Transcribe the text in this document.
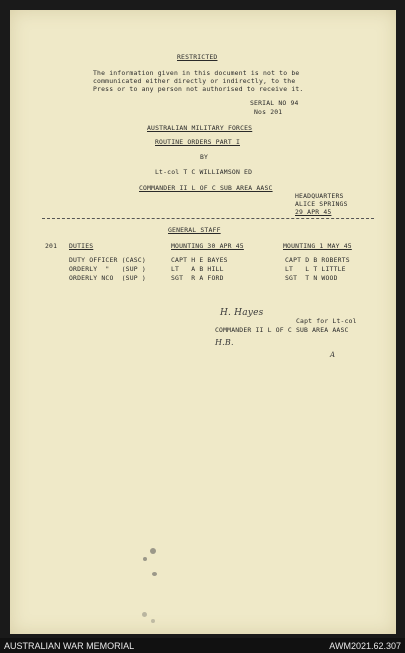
RESTRICTED
The information given in this document is not to be
communicated either directly or indirectly, to the
Press or to any person not authorised to receive it.
SERIAL NO 94
Nos 201
AUSTRALIAN MILITARY FORCES
ROUTINE ORDERS PART I
BY
Lt-col T C WILLIAMSON ED
COMMANDER II L OF C SUB AREA AASC
HEADQUARTERS
ALICE SPRINGS
29 APR 45
GENERAL STAFF
201 DUTIES	MOUNTING 30 APR 45	MOUNTING 1 MAY 45
DUTY OFFICER (CASC)	CAPT H E BAYES	CAPT D B ROBERTS
ORDERLY  "   (SUP )	LT   A B HILL	LT   L T LITTLE
ORDERLY NCO  (SUP )	SGT  R A FORD	SGT  T N WOOD
H. Hayes
Capt for Lt-col
COMMANDER II L OF C SUB AREA AASC
H.B.
A
AUSTRALIAN WAR MEMORIAL	AWM2021.62.307
